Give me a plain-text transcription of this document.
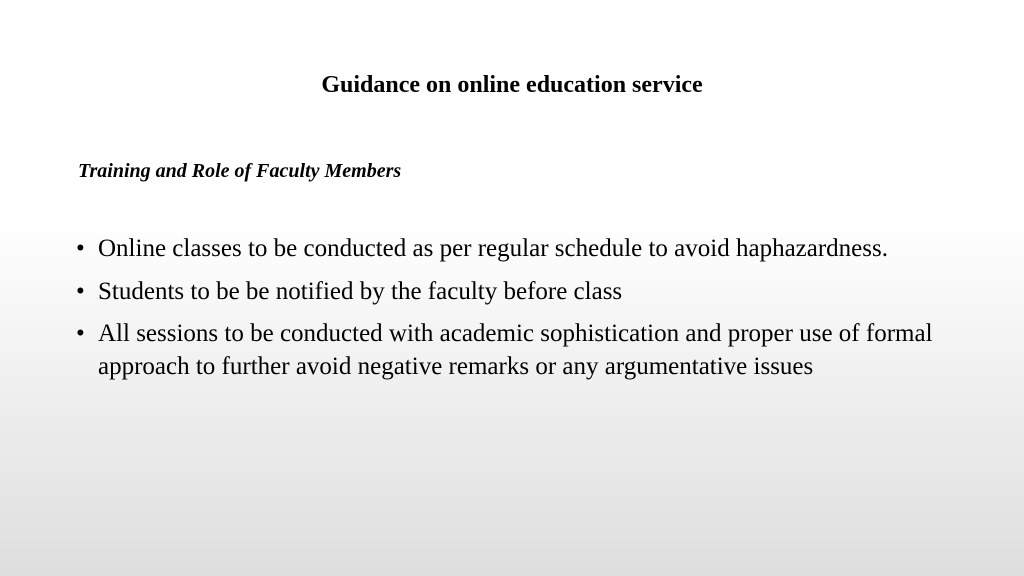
Guidance on online education service
Training and Role of Faculty Members
• Online classes to be conducted as per regular schedule to avoid haphazardness.
• Students to be be notified by the faculty before class
• All sessions to be conducted with academic sophistication and proper use of formal approach to further avoid negative remarks or any argumentative issues
